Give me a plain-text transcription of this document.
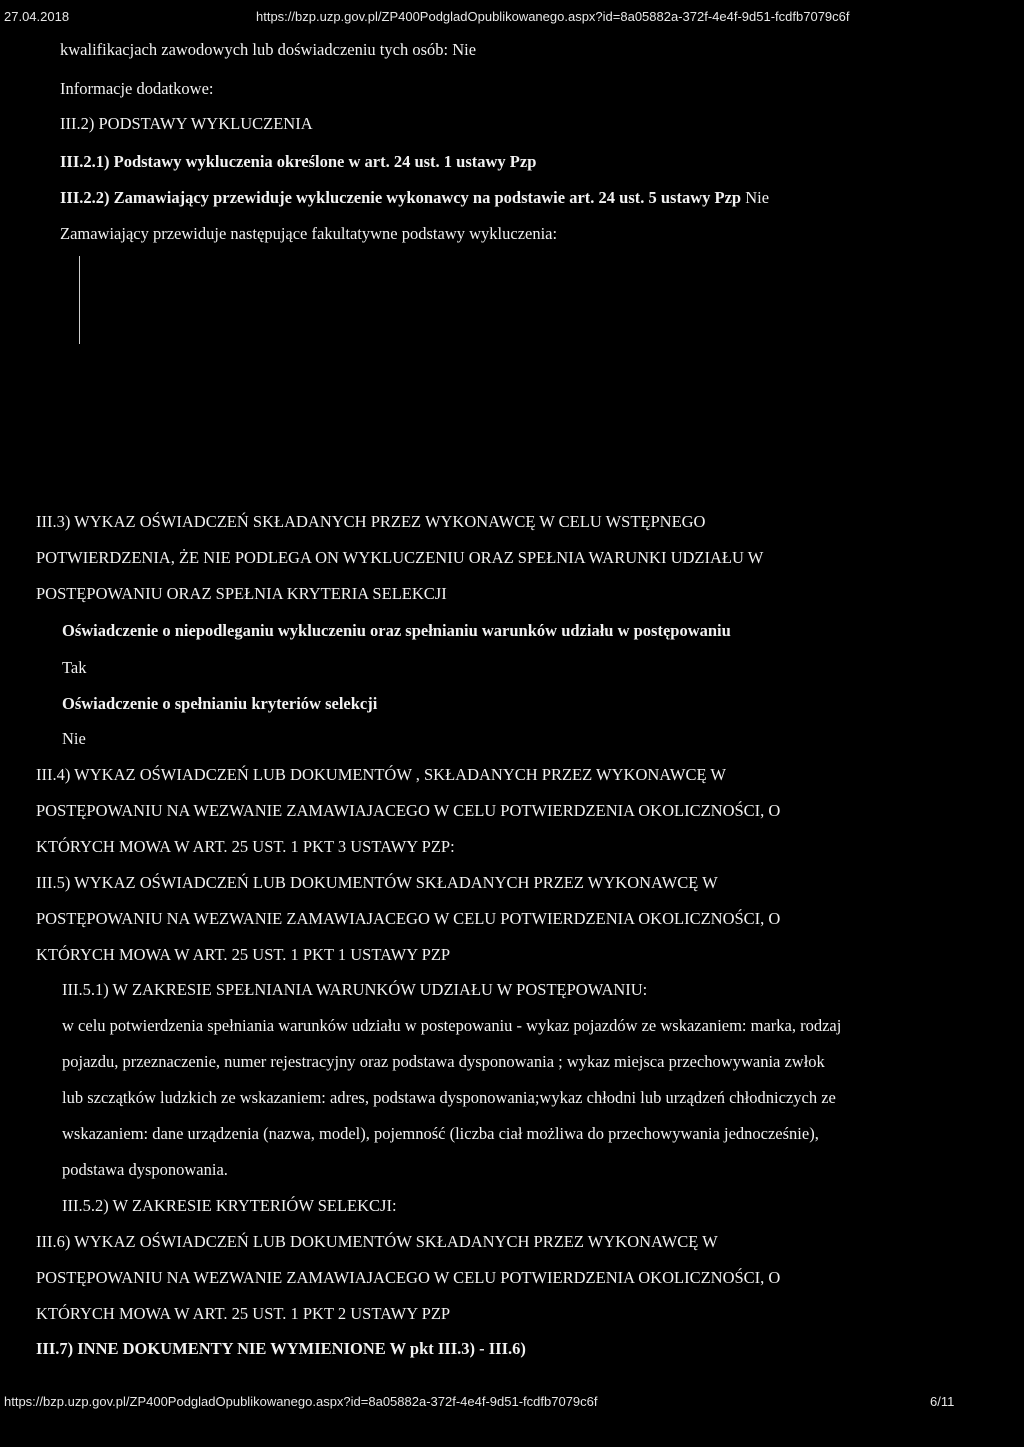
27.04.2018	https://bzp.uzp.gov.pl/ZP400PodgladOpublikowanego.aspx?id=8a05882a-372f-4e4f-9d51-fcdfb7079c6f
kwalifikacjach zawodowych lub doświadczeniu tych osób: Nie
Informacje dodatkowe:
III.2) PODSTAWY WYKLUCZENIA
III.2.1) Podstawy wykluczenia określone w art. 24 ust. 1 ustawy Pzp
III.2.2) Zamawiający przewiduje wykluczenie wykonawcy na podstawie art. 24 ust. 5 ustawy Pzp Nie
Zamawiający przewiduje następujące fakultatywne podstawy wykluczenia:
III.3) WYKAZ OŚWIADCZEŃ SKŁADANYCH PRZEZ WYKONAWCĘ W CELU WSTĘPNEGO
POTWIERDZENIA, ŻE NIE PODLEGA ON WYKLUCZENIU ORAZ SPEŁNIA WARUNKI UDZIAŁU W
POSTĘPOWANIU ORAZ SPEŁNIA KRYTERIA SELEKCJI
Oświadczenie o niepodleganiu wykluczeniu oraz spełnianiu warunków udziału w postępowaniu
Tak
Oświadczenie o spełnianiu kryteriów selekcji
Nie
III.4) WYKAZ OŚWIADCZEŃ LUB DOKUMENTÓW , SKŁADANYCH PRZEZ WYKONAWCĘ W
POSTĘPOWANIU NA WEZWANIE ZAMAWIAJACEGO W CELU POTWIERDZENIA OKOLICZNOŚCI, O
KTÓRYCH MOWA W ART. 25 UST. 1 PKT 3 USTAWY PZP:
III.5) WYKAZ OŚWIADCZEŃ LUB DOKUMENTÓW SKŁADANYCH PRZEZ WYKONAWCĘ W
POSTĘPOWANIU NA WEZWANIE ZAMAWIAJACEGO W CELU POTWIERDZENIA OKOLICZNOŚCI, O
KTÓRYCH MOWA W ART. 25 UST. 1 PKT 1 USTAWY PZP
III.5.1) W ZAKRESIE SPEŁNIANIA WARUNKÓW UDZIAŁU W POSTĘPOWANIU:
w celu potwierdzenia spełniania warunków udziału w postepowaniu - wykaz pojazdów ze wskazaniem: marka, rodzaj
pojazdu, przeznaczenie, numer rejestracyjny oraz podstawa dysponowania ; wykaz miejsca przechowywania zwłok
lub szczątków ludzkich ze wskazaniem: adres, podstawa dysponowania;wykaz chłodni lub urządzeń chłodniczych ze
wskazaniem: dane urządzenia (nazwa, model), pojemność (liczba ciał możliwa do przechowywania jednocześnie),
podstawa dysponowania.
III.5.2) W ZAKRESIE KRYTERIÓW SELEKCJI:
III.6) WYKAZ OŚWIADCZEŃ LUB DOKUMENTÓW SKŁADANYCH PRZEZ WYKONAWCĘ W
POSTĘPOWANIU NA WEZWANIE ZAMAWIAJACEGO W CELU POTWIERDZENIA OKOLICZNOŚCI, O
KTÓRYCH MOWA W ART. 25 UST. 1 PKT 2 USTAWY PZP
III.7) INNE DOKUMENTY NIE WYMIENIONE W pkt III.3) - III.6)
https://bzp.uzp.gov.pl/ZP400PodgladOpublikowanego.aspx?id=8a05882a-372f-4e4f-9d51-fcdfb7079c6f	6/11
